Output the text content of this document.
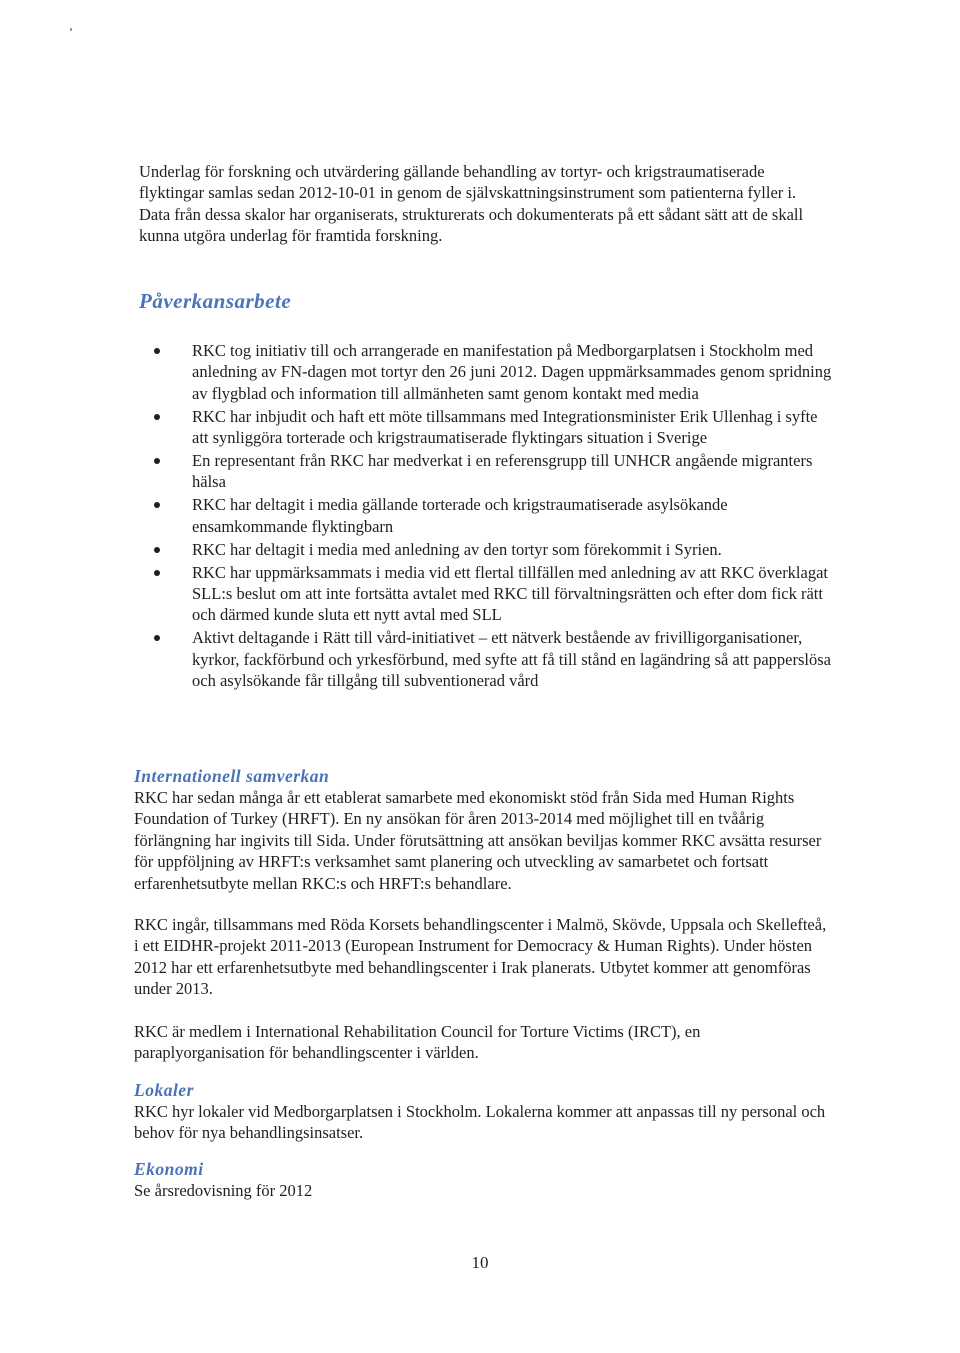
Underlag för forskning och utvärdering gällande behandling av tortyr- och krigstraumatiserade flyktingar samlas sedan 2012-10-01 in genom de självskattningsinstrument som patienterna fyller i. Data från dessa skalor har organiserats, strukturerats och dokumenterats på ett sådant sätt att de skall kunna utgöra underlag för framtida forskning.

Påverkansarbete
RKC tog initiativ till och arrangerade en manifestation på Medborgarplatsen i Stockholm med anledning av FN-dagen mot tortyr den 26 juni 2012. Dagen uppmärksammades genom spridning av flygblad och information till allmänheten samt genom kontakt med media
RKC har inbjudit och haft ett möte tillsammans med Integrationsminister Erik Ullenhag i syfte att synliggöra torterade och krigstraumatiserade flyktingars situation i Sverige
En representant från RKC har medverkat i en referensgrupp till UNHCR angående migranters hälsa
RKC har deltagit i media gällande torterade och krigstraumatiserade asylsökande ensamkommande flyktingbarn
RKC har deltagit i media med anledning av den tortyr som förekommit i Syrien.
RKC har uppmärksammats i media vid ett flertal tillfällen med anledning av att RKC överklagat SLL:s beslut om att inte fortsätta avtalet med RKC till förvaltningsrätten och efter dom fick rätt och därmed kunde sluta ett nytt avtal med SLL
Aktivt deltagande i Rätt till vård-initiativet – ett nätverk bestående av frivilligorganisationer, kyrkor, fackförbund och yrkesförbund, med syfte att få till stånd en lagändring så att papperslösa och asylsökande får tillgång till subventionerad vård
Internationell samverkan

RKC har sedan många år ett etablerat samarbete med ekonomiskt stöd från Sida med Human Rights Foundation of Turkey (HRFT). En ny ansökan för åren 2013-2014 med möjlighet till en tvåårig förlängning har ingivits till Sida. Under förutsättning att ansökan beviljas kommer RKC avsätta resurser för uppföljning av HRFT:s verksamhet samt planering och utveckling av samarbetet och fortsatt erfarenhetsutbyte mellan RKC:s och HRFT:s behandlare.

RKC ingår, tillsammans med Röda Korsets behandlingscenter i Malmö, Skövde, Uppsala och Skellefteå, i ett EIDHR-projekt 2011-2013 (European Instrument for Democracy & Human Rights). Under hösten 2012 har ett erfarenhetsutbyte med behandlingscenter i Irak planerats. Utbytet kommer att genomföras under 2013.

RKC är medlem i International Rehabilitation Council for Torture Victims (IRCT), en paraplyorganisation för behandlingscenter i världen.

Lokaler

RKC hyr lokaler vid Medborgarplatsen i Stockholm. Lokalerna kommer att anpassas till ny personal och behov för nya behandlingsinsatser.

Ekonomi

Se årsredovisning för 2012

10
